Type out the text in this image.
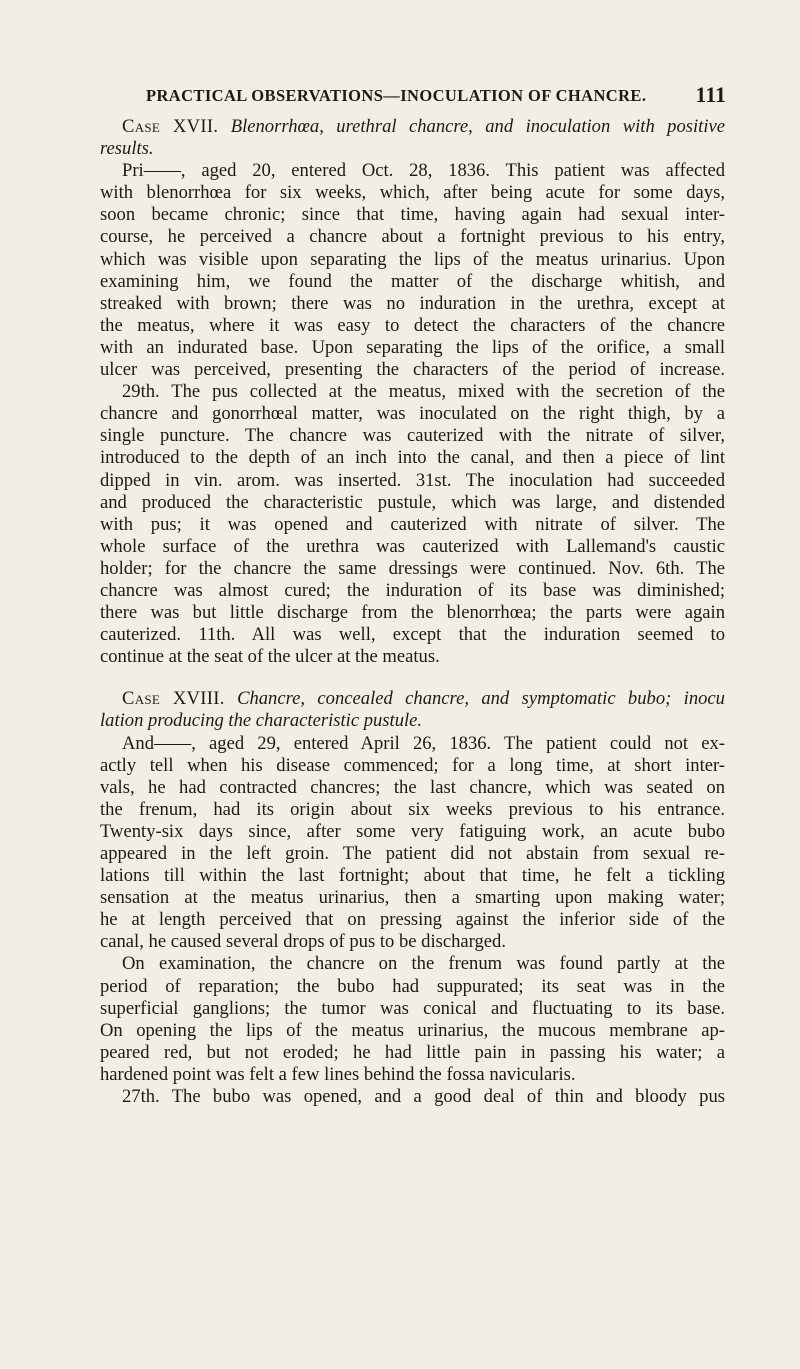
PRACTICAL OBSERVATIONS—INOCULATION OF CHANCRE. 111
Case XVII. Blenorrhœa, urethral chancre, and inoculation with positive
results.
Pri——, aged 20, entered Oct. 28, 1836. This patient was affected
with blenorrhœa for six weeks, which, after being acute for some days,
soon became chronic; since that time, having again had sexual inter-
course, he perceived a chancre about a fortnight previous to his entry,
which was visible upon separating the lips of the meatus urinarius. Upon
examining him, we found the matter of the discharge whitish, and
streaked with brown; there was no induration in the urethra, except at
the meatus, where it was easy to detect the characters of the chancre
with an indurated base. Upon separating the lips of the orifice, a small
ulcer was perceived, presenting the characters of the period of increase.
29th. The pus collected at the meatus, mixed with the secretion of the
chancre and gonorrhœal matter, was inoculated on the right thigh, by a
single puncture. The chancre was cauterized with the nitrate of silver,
introduced to the depth of an inch into the canal, and then a piece of lint
dipped in vin. arom. was inserted. 31st. The inoculation had succeeded
and produced the characteristic pustule, which was large, and distended
with pus; it was opened and cauterized with nitrate of silver. The
whole surface of the urethra was cauterized with Lallemand's caustic
holder; for the chancre the same dressings were continued. Nov. 6th. The
chancre was almost cured; the induration of its base was diminished;
there was but little discharge from the blenorrhœa; the parts were again
cauterized. 11th. All was well, except that the induration seemed to
continue at the seat of the ulcer at the meatus.
Case XVIII. Chancre, concealed chancre, and symptomatic bubo; inocu
lation producing the characteristic pustule.
And——, aged 29, entered April 26, 1836. The patient could not ex-
actly tell when his disease commenced; for a long time, at short inter-
vals, he had contracted chancres; the last chancre, which was seated on
the frenum, had its origin about six weeks previous to his entrance.
Twenty-six days since, after some very fatiguing work, an acute bubo
appeared in the left groin. The patient did not abstain from sexual re-
lations till within the last fortnight; about that time, he felt a tickling
sensation at the meatus urinarius, then a smarting upon making water;
he at length perceived that on pressing against the inferior side of the
canal, he caused several drops of pus to be discharged.
On examination, the chancre on the frenum was found partly at the
period of reparation; the bubo had suppurated; its seat was in the
superficial ganglions; the tumor was conical and fluctuating to its base.
On opening the lips of the meatus urinarius, the mucous membrane ap-
peared red, but not eroded; he had little pain in passing his water; a
hardened point was felt a few lines behind the fossa navicularis.
27th. The bubo was opened, and a good deal of thin and bloody pus
